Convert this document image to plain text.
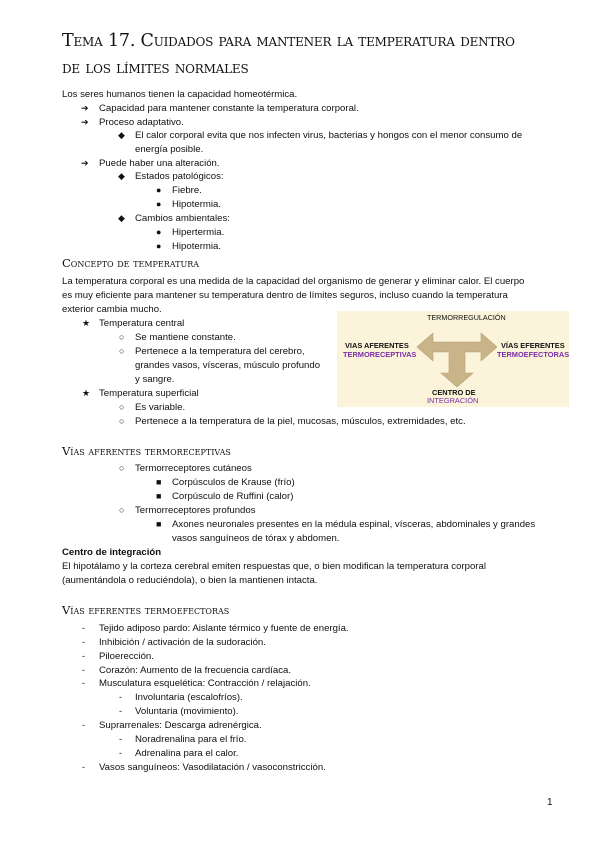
Tema 17. Cuidados para mantener la temperatura dentro de los límites normales
Los seres humanos tienen la capacidad homeotérmica.
➔ Capacidad para mantener constante la temperatura corporal.
➔ Proceso adaptativo.
◆ El calor corporal evita que nos infecten virus, bacterias y hongos con el menor consumo de
energía posible.
➔ Puede haber una alteración.
◆ Estados patológicos:
● Fiebre.
● Hipotermia.
◆ Cambios ambientales:
● Hipertermia.
● Hipotermia.
Concepto de temperatura
La temperatura corporal es una medida de la capacidad del organismo de generar y eliminar calor. El cuerpo
es muy eficiente para mantener su temperatura dentro de límites seguros, incluso cuando la temperatura
exterior cambia mucho.
★ Temperatura central
○ Se mantiene constante.
○ Pertenece a la temperatura del cerebro,
grandes vasos, vísceras, músculo profundo
y sangre.
★ Temperatura superficial
○ Es variable.
○ Pertenece a la temperatura de la piel, mucosas, músculos, extremidades, etc.
TERMORREGULACIÓN
VIAS AFERENTES
TERMORECEPTIVAS
VÍAS EFERENTES
TERMOEFECTORAS
CENTRO DE
INTEGRACIÓN
Vías aferentes termoreceptivas
○ Termorreceptores cutáneos
■ Corpúsculos de Krause (frío)
■ Corpúsculo de Ruffini (calor)
○ Termorreceptores profundos
■ Axones neuronales presentes en la médula espinal, vísceras, abdominales y grandes
vasos sanguíneos de tórax y abdomen.
Centro de integración
El hipotálamo y la corteza cerebral emiten respuestas que, o bien modifican la temperatura corporal
(aumentándola o reduciéndola), o bien la mantienen intacta.
Vías eferentes termoefectoras
- Tejido adiposo pardo: Aislante térmico y fuente de energía.
- Inhibición / activación de la sudoración.
- Piloerección.
- Corazón: Aumento de la frecuencia cardíaca.
- Musculatura esquelética: Contracción / relajación.
- Involuntaria (escalofríos).
- Voluntaria (movimiento).
- Suprarrenales: Descarga adrenérgica.
- Noradrenalina para el frío.
- Adrenalina para el calor.
- Vasos sanguíneos: Vasodilatación / vasoconstricción.
1
